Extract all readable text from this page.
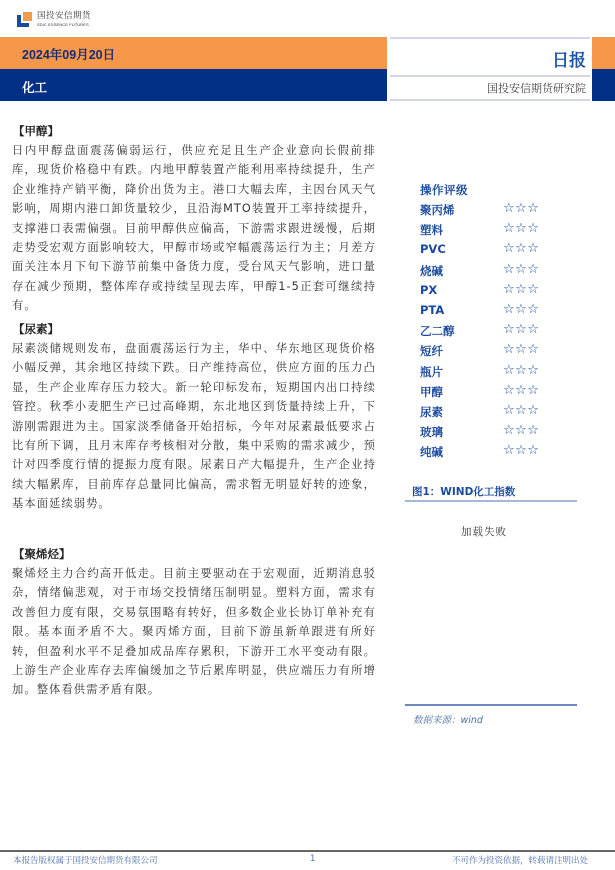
国投安信期货
SDIC ESSENCE FUTURES
2024年09月20日
化工
日报
国投安信期货研究院
【甲醇】
日内甲醇盘面震荡偏弱运行，供应充足且生产企业意向长假前排库，现货价格稳中有跌。内地甲醇装置产能利用率持续提升，生产企业维持产销平衡，降价出货为主。港口大幅去库，主因台风天气影响，周期内港口卸货量较少，且沿海MTO装置开工率持续提升，支撑港口表需偏强。目前甲醇供应偏高，下游需求跟进缓慢，后期走势受宏观方面影响较大，甲醇市场或窄幅震荡运行为主；月差方面关注本月下旬下游节前集中备货力度，受台风天气影响，进口量存在减少预期，整体库存或持续呈现去库，甲醇1-5正套可继续持有。
【尿素】
尿素淡储规则发布，盘面震荡运行为主，华中、华东地区现货价格小幅反弹，其余地区持续下跌。日产维持高位，供应方面的压力凸显，生产企业库存压力较大。新一轮印标发布，短期国内出口持续管控。秋季小麦肥生产已过高峰期，东北地区到货量持续上升，下游刚需跟进为主。国家淡季储备开始招标，今年对尿素最低要求占比有所下调，且月末库存考核相对分散，集中采购的需求减少，预计对四季度行情的提振力度有限。尿素日产大幅提升，生产企业持续大幅累库，目前库存总量同比偏高，需求暂无明显好转的迹象，基本面延续弱势。
【聚烯烃】
聚烯烃主力合约高开低走。目前主要驱动在于宏观面，近期消息驳杂，情绪偏悲观，对于市场交投情绪压制明显。塑料方面，需求有改善但力度有限，交易氛围略有转好，但多数企业长协订单补充有限。基本面矛盾不大。聚丙烯方面，目前下游虽新单跟进有所好转，但盈利水平不足叠加成品库存累积，下游开工水平变动有限。上游生产企业库存去库偏缓加之节后累库明显，供应端压力有所增加。整体看供需矛盾有限。
操作评级
聚丙烯	☆☆☆
塑料	☆☆☆
PVC	☆☆☆
烧碱	☆☆☆
PX	☆☆☆
PTA	☆☆☆
乙二醇	☆☆☆
短纤	☆☆☆
瓶片	☆☆☆
甲醇	☆☆☆
尿素	☆☆☆
玻璃	☆☆☆
纯碱	☆☆☆
图1：WIND化工指数
加载失败
数据来源：wind
本报告版权属于国投安信期货有限公司	1	不可作为投资依据，转载请注明出处
